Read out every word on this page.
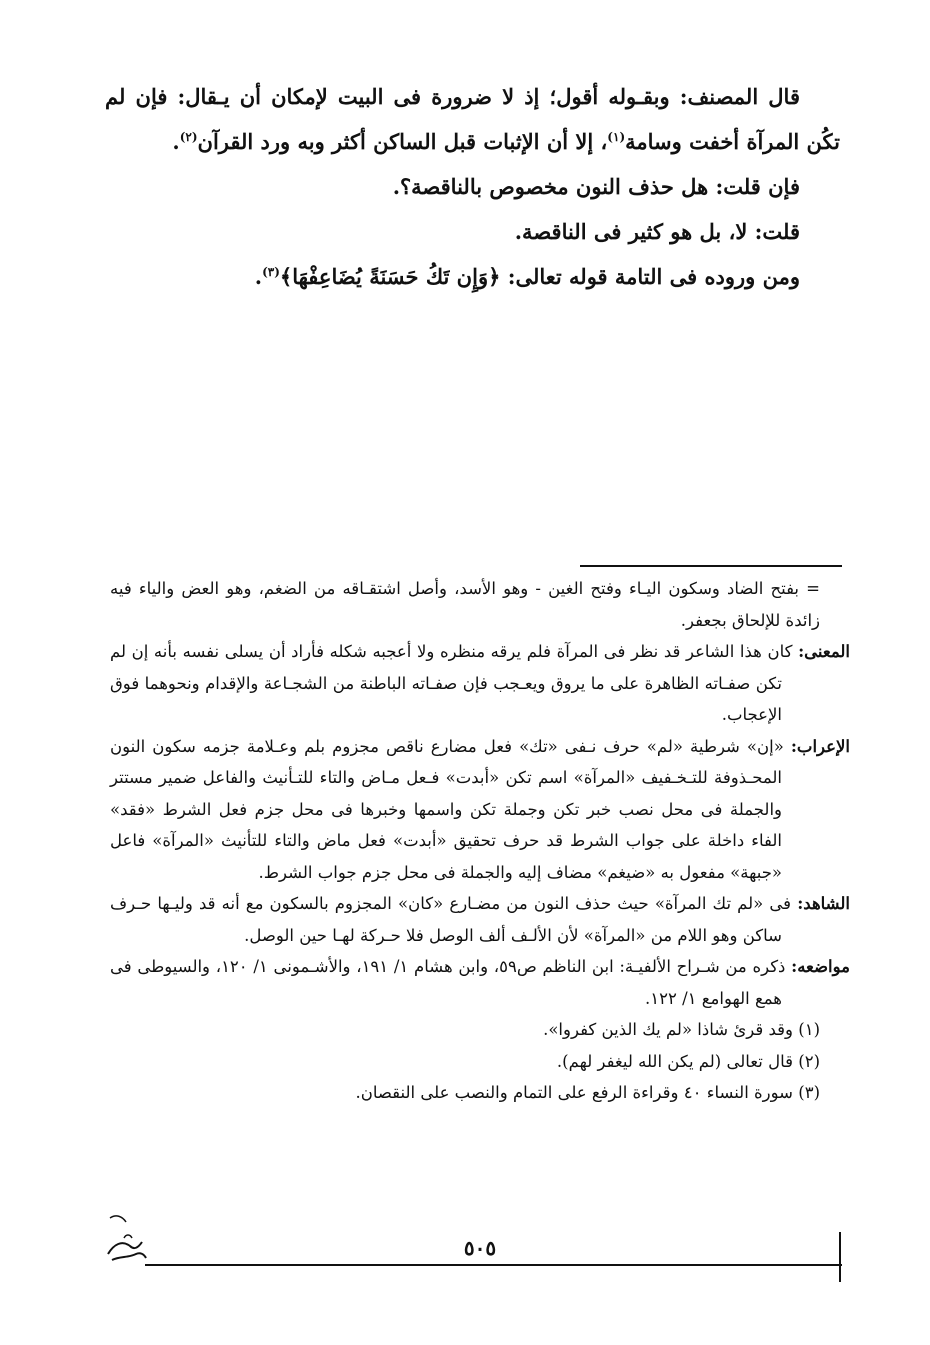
قال المصنف: وبقـوله أقول؛ إذ لا ضرورة فى البيت لإمكان أن يـقال: فإن لم تكُن المرآة أخفت وسامة$^{(١)}$، إلا أن الإثبات قبل الساكن أكثر وبه ورد القرآن$^{(٢)}$.

فإن قلت: هل حذف النون مخصوص بالناقصة؟.

قلت: لا، بل هو كثير فى الناقصة.

ومن وروده فى التامة قوله تعالى: ﴿وَإِن تَكُ حَسَنَةً يُضَاعِفْهَا﴾$^{(٣)}$.

= بفتح الضاد وسكون اليـاء وفتح الغين - وهو الأسد، وأصل اشتقـاقه من الضغم، وهو العض والياء فيه زائدة للإلحاق بجعفر.

المعنى: كان هذا الشاعر قد نظر فى المرآة فلم يرقه منظره ولا أعجبه شكله فأراد أن يسلى نفسه بأنه إن لم تكن صفـاته الظاهرة على ما يروق ويعـجب فإن صفـاته الباطنة من الشجـاعة والإقدام ونحوهما فوق الإعجاب.

الإعراب: «إن» شرطية «لم» حرف نـفى «تك» فعل مضارع ناقص مجزوم بلم وعـلامة جزمه سكون النون المحـذوفة للتـخـفيف «المرآة» اسم تكن «أبدت» فـعل مـاض والتاء للتـأنيث والفاعل ضمير مستتر والجملة فى محل نصب خبر تكن وجملة تكن واسمها وخبرها فى محل جزم فعل الشرط «فقد» الفاء داخلة على جواب الشرط قد حرف تحقيق «أبدت» فعل ماض والتاء للتأنيث «المرآة» فاعل «جبهة» مفعول به «ضيغم» مضاف إليه والجملة فى محل جزم جواب الشرط.

الشاهد: فى «لم تك المرآة» حيث حذف النون من مضـارع «كان» المجزوم بالسكون مع أنه قد وليـها حـرف ساكن وهو اللام من «المرآة» لأن الألـف ألف الوصل فلا حـركة لهـا حين الوصل.

مواضعه: ذكره من شـراح الألفيـة: ابن الناظم ص٥٩، وابن هشام ١/ ١٩١، والأشـمونى ١/ ١٢٠، والسيوطى فى همع الهوامع ١/ ١٢٢.

(١) وقد قرئ شاذا «لم يك الذين كفروا».

(٢) قال تعالى (لم يكن الله ليغفر لهم).

(٣) سورة النساء ٤٠ وقراءة الرفع على التمام والنصب على النقصان.

٥٠٥
